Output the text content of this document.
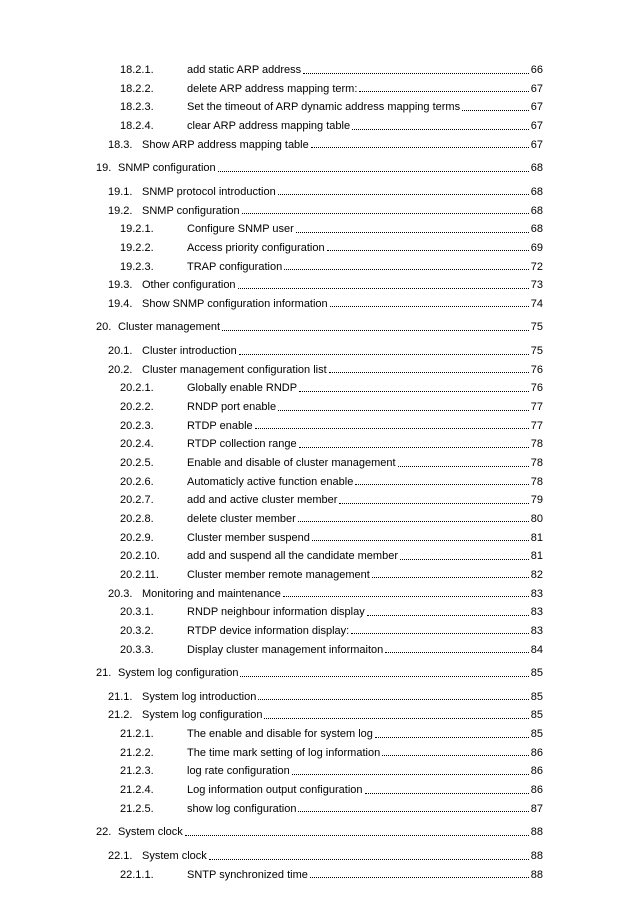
18.2.1.	add static ARP address	66
18.2.2.	delete ARP address mapping term:	67
18.2.3.	Set the timeout of ARP dynamic address mapping terms	67
18.2.4.	clear ARP address mapping table	67
18.3. Show ARP address mapping table	67
19. SNMP configuration	68
19.1. SNMP protocol introduction	68
19.2. SNMP configuration	68
19.2.1.	Configure SNMP user	68
19.2.2.	Access priority configuration	69
19.2.3.	TRAP configuration	72
19.3. Other configuration	73
19.4. Show SNMP configuration information	74
20. Cluster management	75
20.1. Cluster introduction	75
20.2. Cluster management configuration list	76
20.2.1.	Globally enable RNDP	76
20.2.2.	RNDP port enable	77
20.2.3.	RTDP enable	77
20.2.4.	RTDP collection range	78
20.2.5.	Enable and disable of cluster management	78
20.2.6.	Automaticly active function enable	78
20.2.7.	add and active cluster member	79
20.2.8.	delete cluster member	80
20.2.9.	Cluster member suspend	81
20.2.10.	add and suspend all the candidate member	81
20.2.11.	Cluster member remote management	82
20.3. Monitoring and maintenance	83
20.3.1.	RNDP neighbour information display	83
20.3.2.	RTDP device information display:	83
20.3.3.	Display cluster management informaiton	84
21. System log configuration	85
21.1. System log introduction	85
21.2. System log configuration	85
21.2.1.	The enable and disable for system log	85
21.2.2.	The time mark setting of log information	86
21.2.3.	log rate configuration	86
21.2.4.	Log information output configuration	86
21.2.5.	show log configuration	87
22. System clock	88
22.1. System clock	88
22.1.1.	SNTP synchronized time	88
